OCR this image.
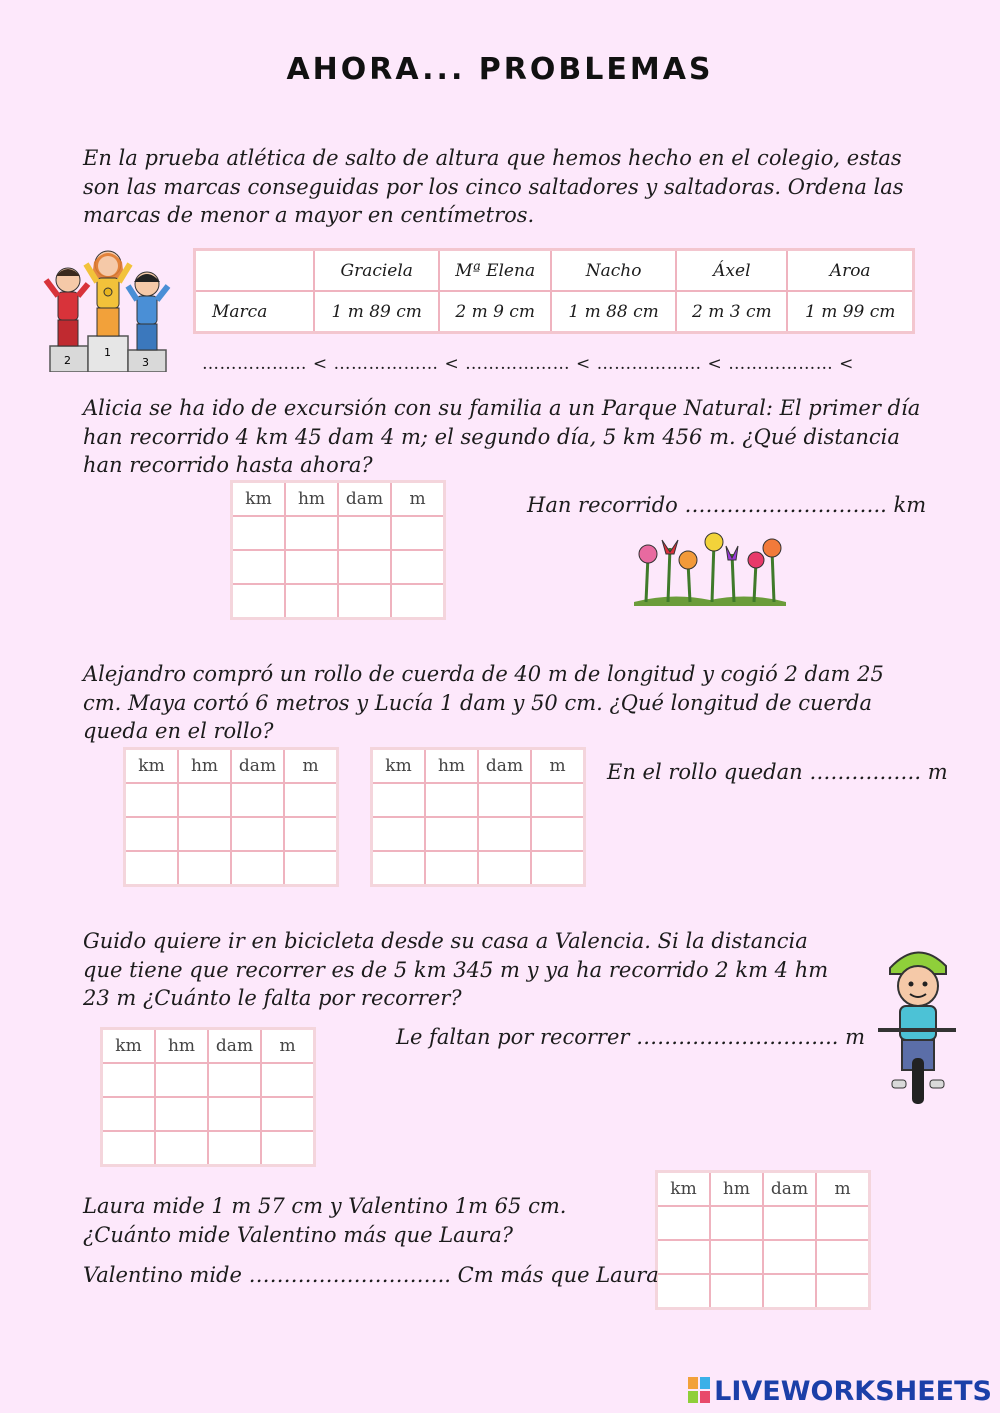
AHORA... PROBLEMAS
En la prueba atlética de salto de altura que hemos hecho en el colegio, estas son las marcas conseguidas por los cinco saltadores y saltadoras. Ordena las marcas de menor a mayor en centímetros.
2
1
3
	Graciela	Mª Elena	Nacho	Áxel	Aroa
Marca	1 m 89 cm	2 m 9 cm	1 m 88 cm	2 m 3 cm	1 m 99 cm
……………… < ……………… < ……………… < ……………… < ……………… <
Alicia se ha ido de excursión con su familia a un Parque Natural: El primer día han recorrido 4 km 45 dam 4 m; el segundo día, 5 km 456 m. ¿Qué distancia han recorrido hasta ahora?
km	hm	dam	m

				Han recorrido ……………………….. km
Alejandro compró un rollo de cuerda de 40 m de longitud y cogió 2 dam 25 cm. Maya cortó 6 metros y Lucía 1 dam y 50 cm. ¿Qué longitud de cuerda queda en el rollo?
km	hm	dam	m

				km	hm	dam	m

			En el rollo quedan ……………. m
Guido quiere ir en bicicleta desde su casa a Valencia. Si la distancia que tiene que recorrer es de 5 km 345 m y ya ha recorrido 2 km 4 hm 23 m ¿Cuánto le falta por recorrer?
km	hm	dam	m

				Le faltan por recorrer ……………………….. m
Laura mide 1 m 57 cm y Valentino 1m 65 cm. ¿Cuánto mide Valentino más que Laura?
km	hm	dam	m

Valentino mide ……………………….. Cm más que Laura
LIVEWORKSHEETS
